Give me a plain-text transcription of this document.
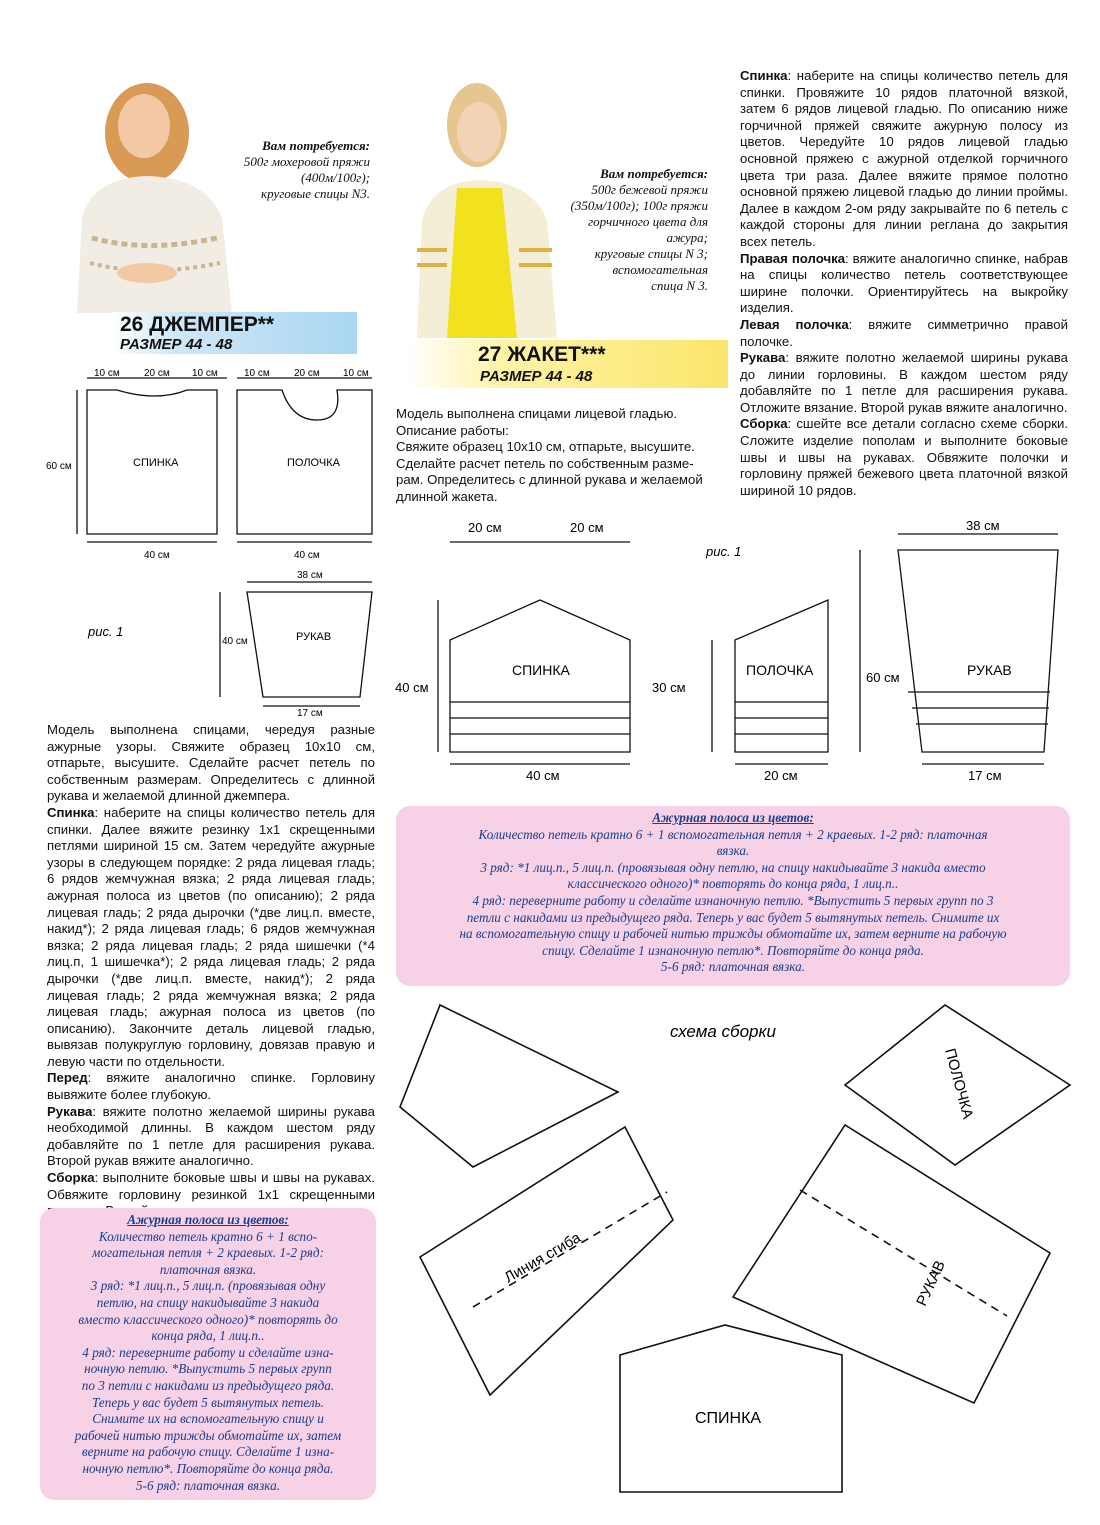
Вам потребуется:
500г мохеровой пряжи
(400м/100г);
круговые спицы N3.
26 ДЖЕМПЕР**
РАЗМЕР 44 - 48
10 см 20 см 10 см	10 см 20 см 10 см
СПИНКА	ПОЛОЧКА
60 см
40 см	40 см
38 см
40 см	РУКАВ
17 см
рис. 1
Модель выполнена спицами, чередуя разные ажурные узоры. Свяжите образец 10х10 см, отпарьте, высушите. Сделайте расчет петель по собственным размерам. Определитесь с длинной рукава и желаемой длинной джемпера.
Спинка: наберите на спицы количество петель для спинки. Далее вяжите резинку 1х1 скрещенными петлями шириной 15 см. Затем чередуйте ажурные узоры в следующем порядке: 2 ряда лицевая гладь; 6 рядов жемчужная вязка; 2 ряда лицевая гладь; ажурная полоса из цветов (по описанию); 2 ряда лицевая гладь; 2 ряда дырочки (*две лиц.п. вместе, накид*); 2 ряда лицевая гладь; 6 рядов жемчужная вязка; 2 ряда лицевая гладь; 2 ряда шишечки (*4 лиц.п, 1 шишечка*); 2 ряда лицевая гладь; 2 ряда дырочки (*две лиц.п. вместе, накид*); 2 ряда лицевая гладь; 2 ряда жемчужная вязка; 2 ряда лицевая гладь; ажурная полоса из цветов (по описанию). Закончите деталь лицевой гладью, вывязав полукруглую горловину, довязав правую и левую части по отдельности.
Перед: вяжите аналогично спинке. Горловину вывяжите более глубокую.
Рукава: вяжите полотно желаемой ширины рукава необходимой длинны. В каждом шестом ряду добавляйте по 1 петле для расширения рукава. Второй рукав вяжите аналогично.
Сборка: выполните боковые швы и швы на рукавах. Обвяжите горловину резинкой 1х1 скрещенными
Ажурная полоса из цветов:
Количество петель кратно 6 + 1 вспо-
могательная петля + 2 краевых. 1-2 ряд:
платочная вязка.
3 ряд: *1 лиц.п., 5 лиц.п. (провязывая одну
петлю, на спицу накидывайте 3 накида
вместо классического одного)* повторять до
конца ряда, 1 лиц.п..
4 ряд: переверните работу и сделайте изна-
ночную петлю. *Выпустить 5 первых групп
по 3 петли с накидами из предыдущего ряда.
Теперь у вас будет 5 вытянутых петель.
Снимите их на вспомогательную спицу и
рабочей нитью трижды обмотайте их, затем
верните на рабочую спицу. Сделайте 1 изна-
ночную петлю*. Повторяйте до конца ряда.
5-6 ряд: платочная вязка.
Вам потребуется:
500г бежевой пряжи
(350м/100г); 100г пряжи
горчичного цвета для
ажура;
круговые спицы N 3;
вспомогательная
спица N 3.
27 ЖАКЕТ***
РАЗМЕР 44 - 48
Модель выполнена спицами лицевой гладью.
Описание работы:
Свяжите образец 10х10 см, отпарьте, высушите.
Сделайте расчет петель по собственным разме-
рам. Определитесь с длинной рукава и желаемой
длинной жакета.
Спинка: наберите на спицы количество петель для спинки. Провяжите 10 рядов платочной вязкой, затем 6 рядов лицевой гладью. По описанию ниже горчичной пряжей свяжите ажурную полосу из цветов. Чередуйте 10 рядов лицевой гладью основной пряжею с ажурной отделкой горчичного цвета три раза. Далее вяжите прямое полотно основной пряжею лицевой гладью до линии проймы. Далее в каждом 2-ом ряду закрывайте по 6 петель с каждой стороны для линии реглана до закрытия всех петель.
Правая полочка: вяжите аналогично спинке, набрав на спицы количество петель соответствующее ширине полочки. Ориентируйтесь на выкройку изделия.
Левая полочка: вяжите симметрично правой полочке.
Рукава: вяжите полотно желаемой ширины рукава до линии горловины. В каждом шестом ряду добавляйте по 1 петле для расширения рукава. Отложите вязание. Второй рукав вяжите аналогично.
Сборка: сшейте все детали согласно схеме сборки. Сложите изделие пополам и выполните боковые швы и швы на рукавах. Обвяжите полочки и горловину пряжей бежевого цвета платочной вязкой шириной 10 рядов.
20 см	20 см
СПИНКА
40 см
40 см
ПОЛОЧКА
30 см
20 см
рис. 1
38 см
РУКАВ
60 см
17 см
Ажурная полоса из цветов:
Количество петель кратно 6 + 1 вспомогательная петля + 2 краевых. 1-2 ряд: платочная
вязка.
3 ряд: *1 лиц.п., 5 лиц.п. (провязывая одну петлю, на спицу накидывайте 3 накида вместо
классического одного)* повторять до конца ряда, 1 лиц.п..
4 ряд: переверните работу и сделайте изнаночную петлю. *Выпустить 5 первых групп по 3
петли с накидами из предыдущего ряда. Теперь у вас будет 5 вытянутых петель. Снимите их
на вспомогательную спицу и рабочей нитью трижды обмотайте их, затем верните на рабочую
спицу. Сделайте 1 изнаночную петлю*. Повторяйте до конца ряда.
5-6 ряд: платочная вязка.
схема сборки
Линия сгиба
ПОЛОЧКА
РУКАВ
СПИНКА
